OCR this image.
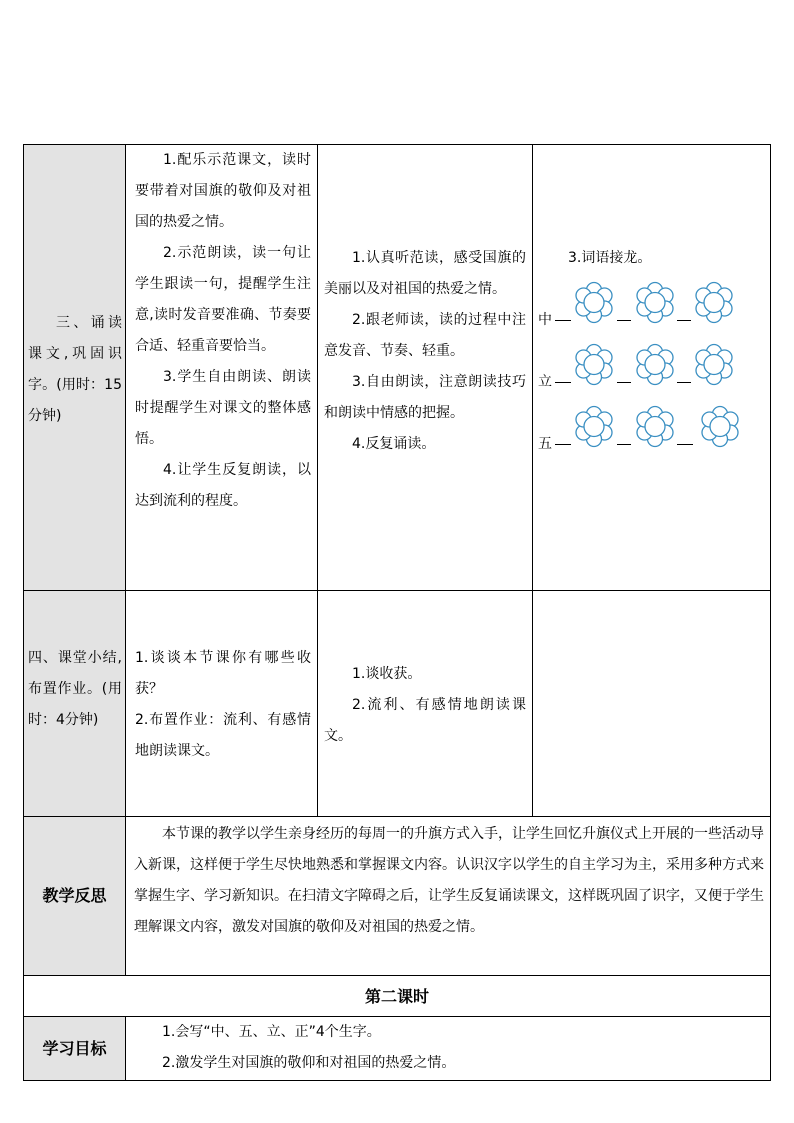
三、诵读课文,巩固识字。(用时：15分钟)

1.配乐示范课文，读时要带着对国旗的敬仰及对祖国的热爱之情。

2.示范朗读，读一句让学生跟读一句，提醒学生注意,读时发音要准确、节奏要合适、轻重音要恰当。

3.学生自由朗读、朗读时提醒学生对课文的整体感悟。

4.让学生反复朗读，以达到流利的程度。

1.认真听范读，感受国旗的美丽以及对祖国的热爱之情。

2.跟老师读，读的过程中注意发音、节奏、轻重。

3.自由朗读，注意朗读技巧和朗读中情感的把握。

4.反复诵读。

3.词语接龙。

中
立
五

四、课堂小结,布置作业。(用时：4分钟)

1.谈谈本节课你有哪些收获？

2.布置作业：流利、有感情地朗读课文。

1.谈收获。

2.流利、有感情地朗读课文。

教学反思

本节课的教学以学生亲身经历的每周一的升旗方式入手，让学生回忆升旗仪式上开展的一些活动导入新课，这样便于学生尽快地熟悉和掌握课文内容。认识汉字以学生的自主学习为主，采用多种方式来掌握生字、学习新知识。在扫清文字障碍之后，让学生反复诵读课文，这样既巩固了识字，又便于学生理解课文内容，激发对国旗的敬仰及对祖国的热爱之情。

第二课时
学习目标

1.会写“中、五、立、正”4个生字。

2.激发学生对国旗的敬仰和对祖国的热爱之情。
